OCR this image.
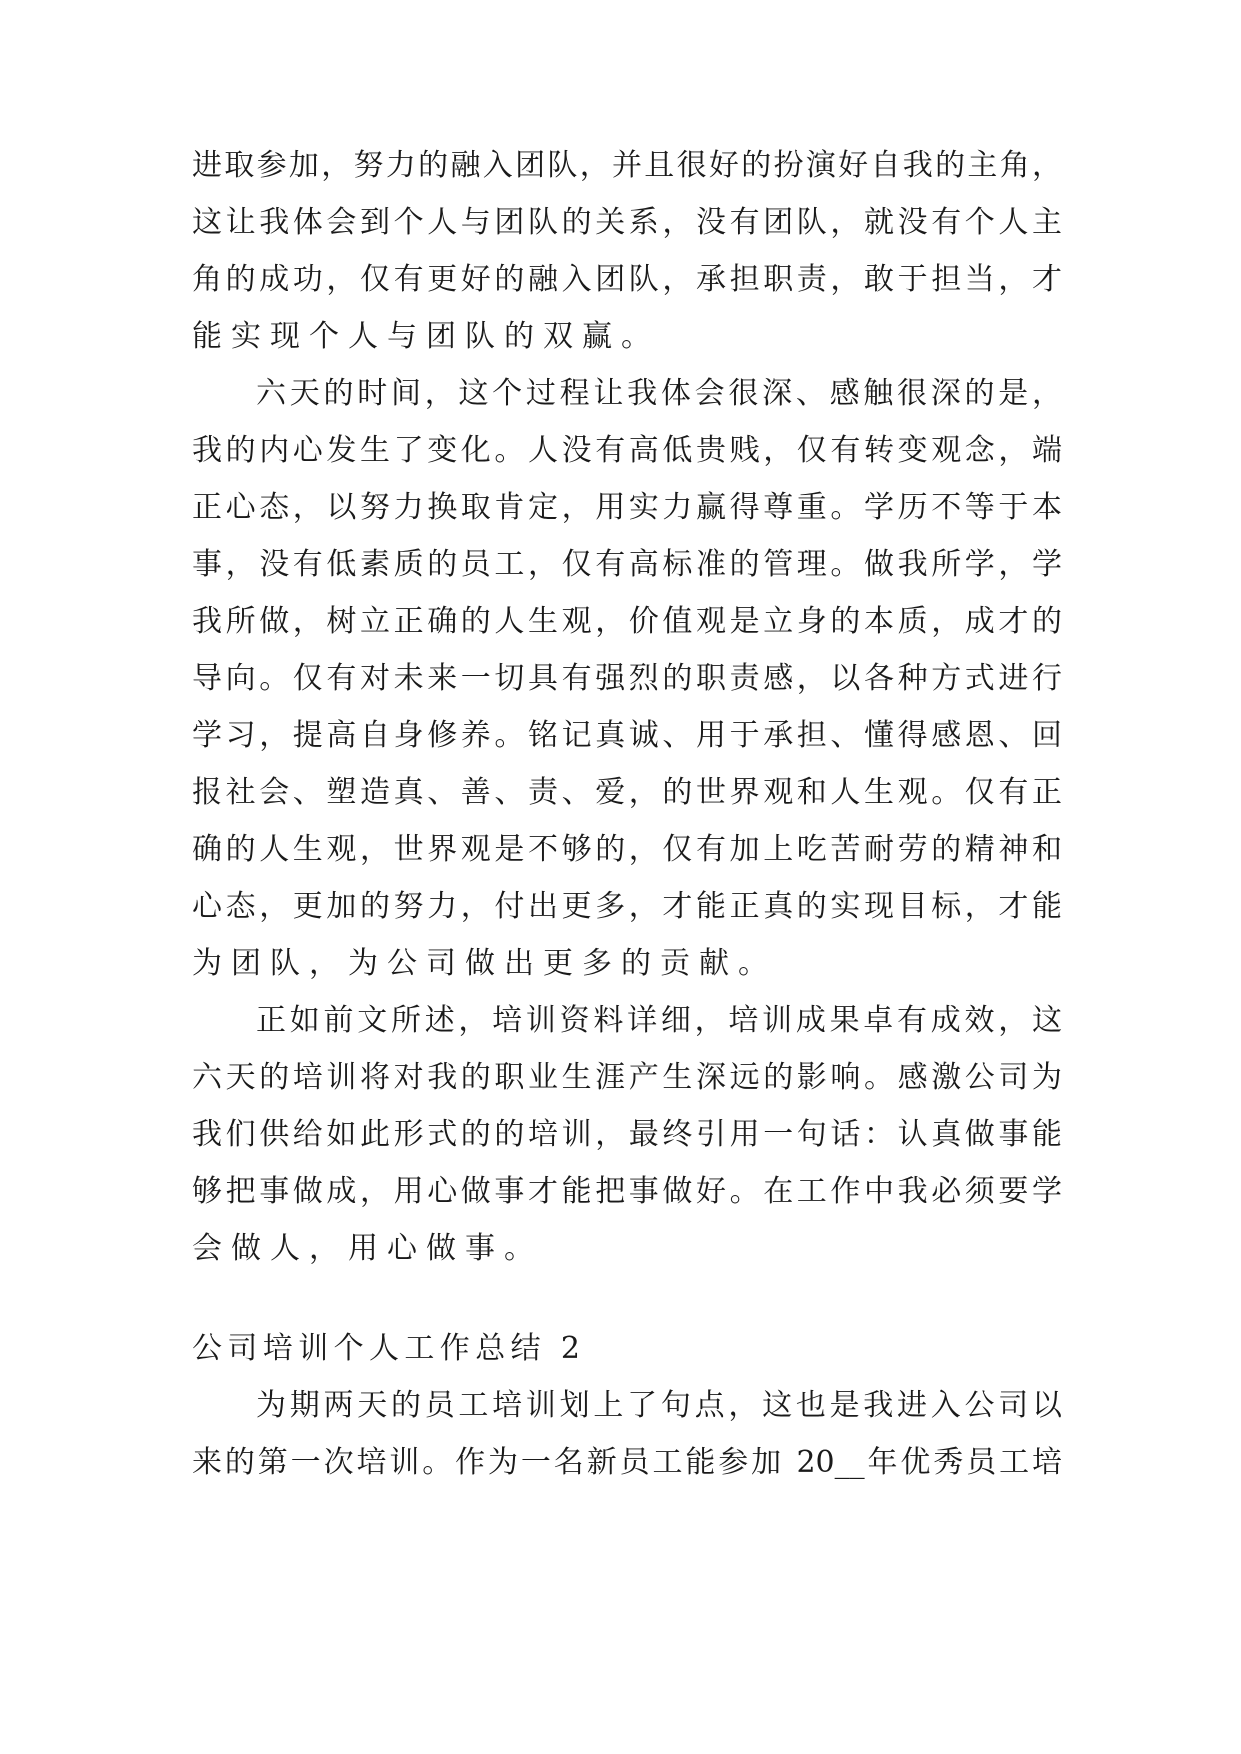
进取参加，努力的融入团队，并且很好的扮演好自我的主角，
这让我体会到个人与团队的关系，没有团队，就没有个人主
角的成功，仅有更好的融入团队，承担职责，敢于担当，才
能实现个人与团队的双赢。
六天的时间，这个过程让我体会很深、感触很深的是，
我的内心发生了变化。人没有高低贵贱，仅有转变观念，端
正心态，以努力换取肯定，用实力赢得尊重。学历不等于本
事，没有低素质的员工，仅有高标准的管理。做我所学，学
我所做，树立正确的人生观，价值观是立身的本质，成才的
导向。仅有对未来一切具有强烈的职责感，以各种方式进行
学习，提高自身修养。铭记真诚、用于承担、懂得感恩、回
报社会、塑造真、善、责、爱，的世界观和人生观。仅有正
确的人生观，世界观是不够的，仅有加上吃苦耐劳的精神和
心态，更加的努力，付出更多，才能正真的实现目标，才能
为团队，为公司做出更多的贡献。
正如前文所述，培训资料详细，培训成果卓有成效，这
六天的培训将对我的职业生涯产生深远的影响。感激公司为
我们供给如此形式的的培训，最终引用一句话：认真做事能
够把事做成，用心做事才能把事做好。在工作中我必须要学
会做人，用心做事。
公司培训个人工作总结 2
为期两天的员工培训划上了句点，这也是我进入公司以
来的第一次培训。作为一名新员工能参加 20__年优秀员工培
